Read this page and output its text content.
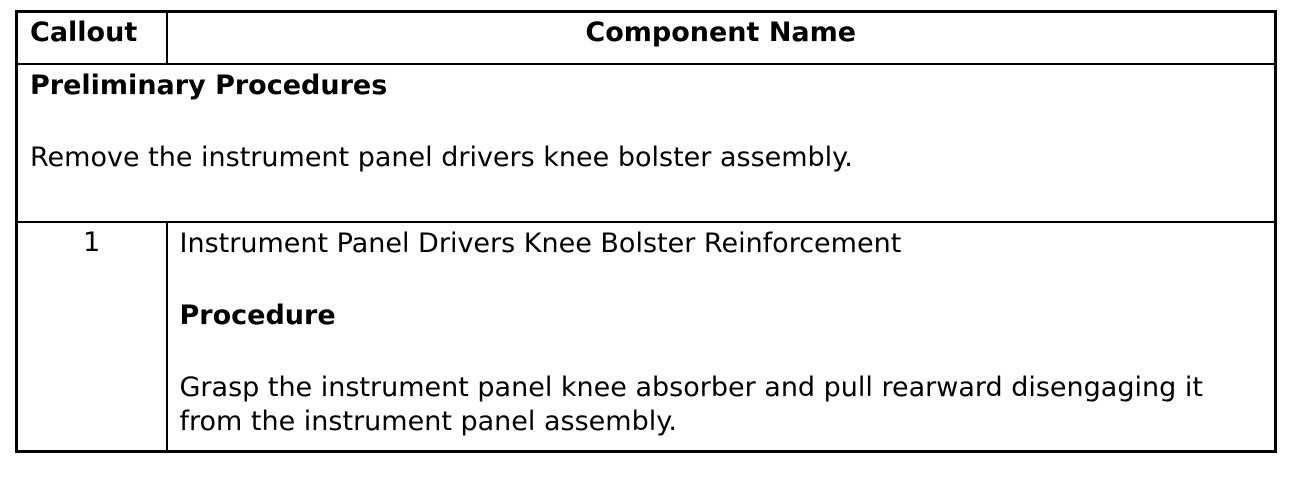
Callout	Component Name

Preliminary Procedures

Remove the instrument panel drivers knee bolster assembly.	

1	Instrument Panel Drivers Knee Bolster Reinforcement

Procedure

Grasp the instrument panel knee absorber and pull rearward disengaging it from the instrument panel assembly.
